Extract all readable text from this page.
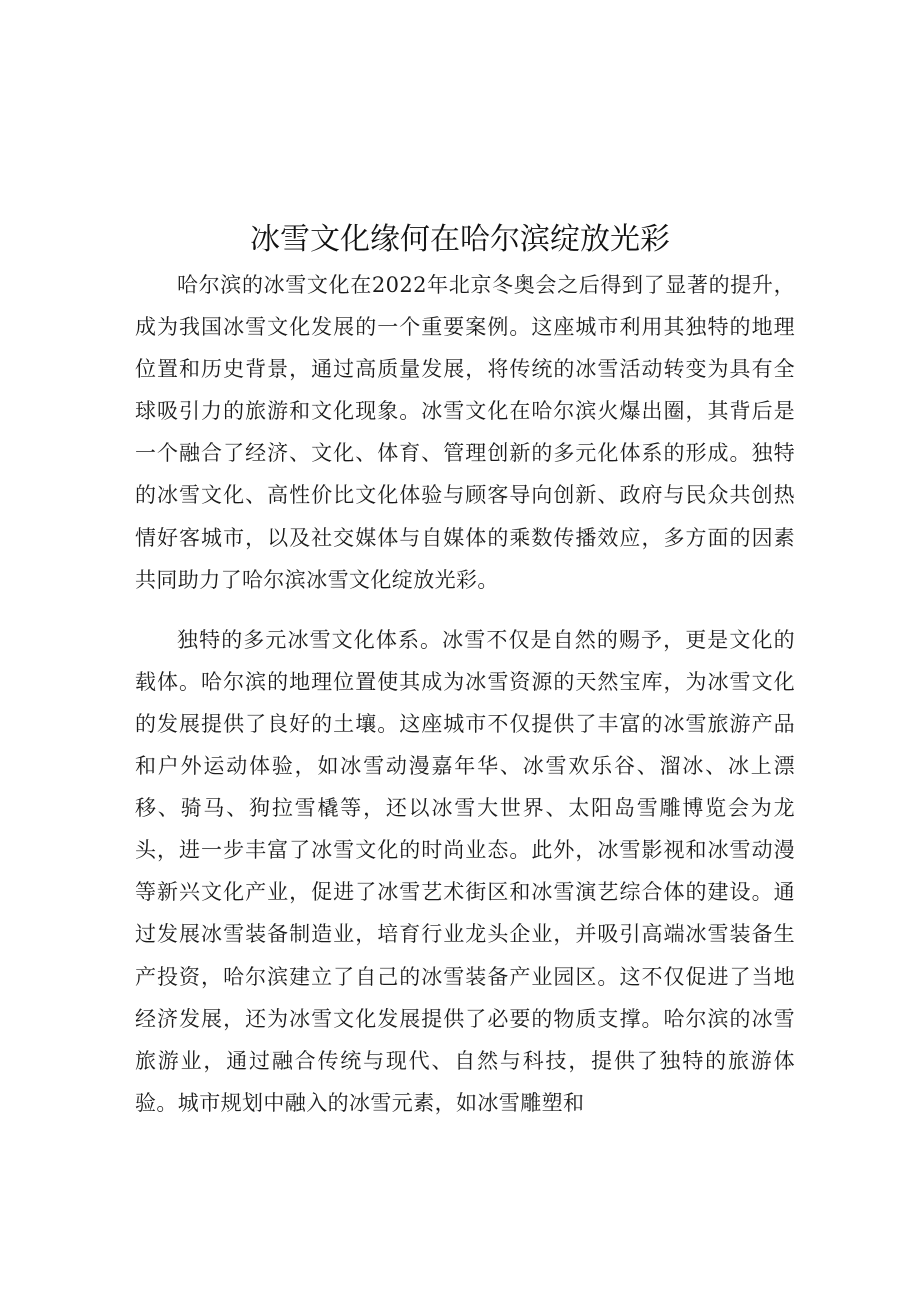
冰雪文化缘何在哈尔滨绽放光彩

哈尔滨的冰雪文化在2022年北京冬奥会之后得到了显著的提升，成为我国冰雪文化发展的一个重要案例。这座城市利用其独特的地理位置和历史背景，通过高质量发展，将传统的冰雪活动转变为具有全球吸引力的旅游和文化现象。冰雪文化在哈尔滨火爆出圈，其背后是一个融合了经济、文化、体育、管理创新的多元化体系的形成。独特的冰雪文化、高性价比文化体验与顾客导向创新、政府与民众共创热情好客城市，以及社交媒体与自媒体的乘数传播效应，多方面的因素共同助力了哈尔滨冰雪文化绽放光彩。

独特的多元冰雪文化体系。冰雪不仅是自然的赐予，更是文化的载体。哈尔滨的地理位置使其成为冰雪资源的天然宝库，为冰雪文化的发展提供了良好的土壤。这座城市不仅提供了丰富的冰雪旅游产品和户外运动体验，如冰雪动漫嘉年华、冰雪欢乐谷、溜冰、冰上漂移、骑马、狗拉雪橇等，还以冰雪大世界、太阳岛雪雕博览会为龙头，进一步丰富了冰雪文化的时尚业态。此外，冰雪影视和冰雪动漫等新兴文化产业，促进了冰雪艺术街区和冰雪演艺综合体的建设。通过发展冰雪装备制造业，培育行业龙头企业，并吸引高端冰雪装备生产投资，哈尔滨建立了自己的冰雪装备产业园区。这不仅促进了当地经济发展，还为冰雪文化发展提供了必要的物质支撑。哈尔滨的冰雪旅游业，通过融合传统与现代、自然与科技，提供了独特的旅游体验。城市规划中融入的冰雪元素，如冰雪雕塑和
